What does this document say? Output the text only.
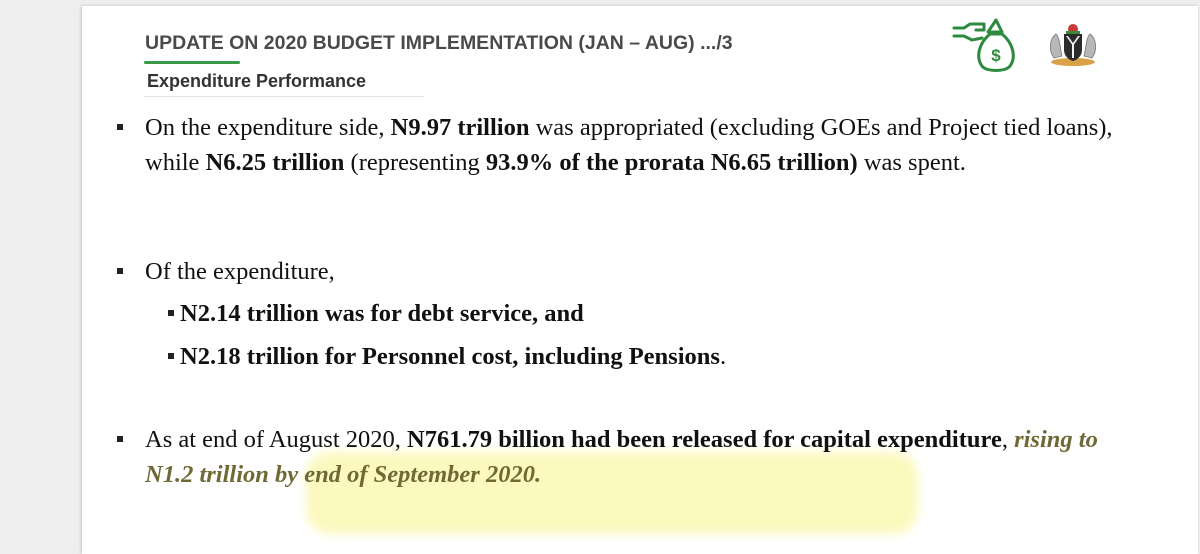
UPDATE ON 2020 BUDGET IMPLEMENTATION (JAN – AUG) .../3
Expenditure Performance
$
On the expenditure side, N9.97 trillion was appropriated (excluding GOEs and Project tied loans), while N6.25 trillion (representing 93.9% of the prorata N6.65 trillion) was spent.
Of the expenditure,
N2.14 trillion was for debt service, and
N2.18 trillion for Personnel cost, including Pensions.
As at end of August 2020, N761.79 billion had been released for capital expenditure, rising to N1.2 trillion by end of September 2020.
